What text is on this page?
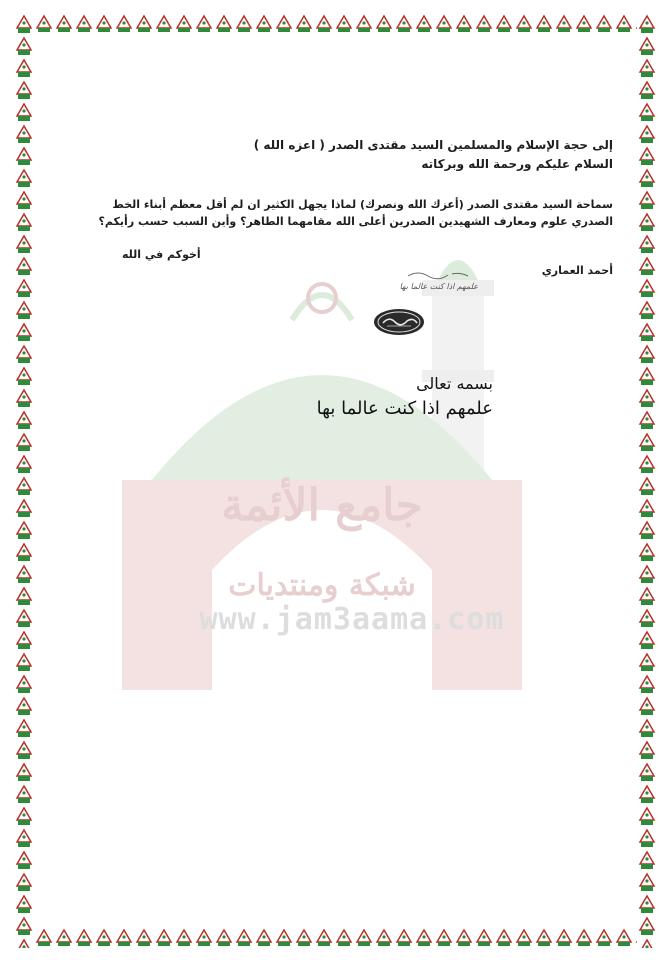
جامع الأئمة
شبكة ومنتديات
www.jam3aama.com
إلى حجة الإسلام والمسلمين السيد مقتدى الصدر ( اعزه الله )
السلام عليكم ورحمة الله وبركاته
سماحة السيد مقتدى الصدر (أعزك الله ونصرك) لماذا يجهل الكثير ان لم أقل معظم أبناء الخط الصدري علوم ومعارف الشهيدين الصدرين أعلى الله مقامهما الطاهر؟ وأين السبب حسب رأيكم؟
أخوكم في الله
أحمد العماري
علمهم اذا كنت عالما بها
بسمه تعالى
علمهم اذا كنت عالما بها
